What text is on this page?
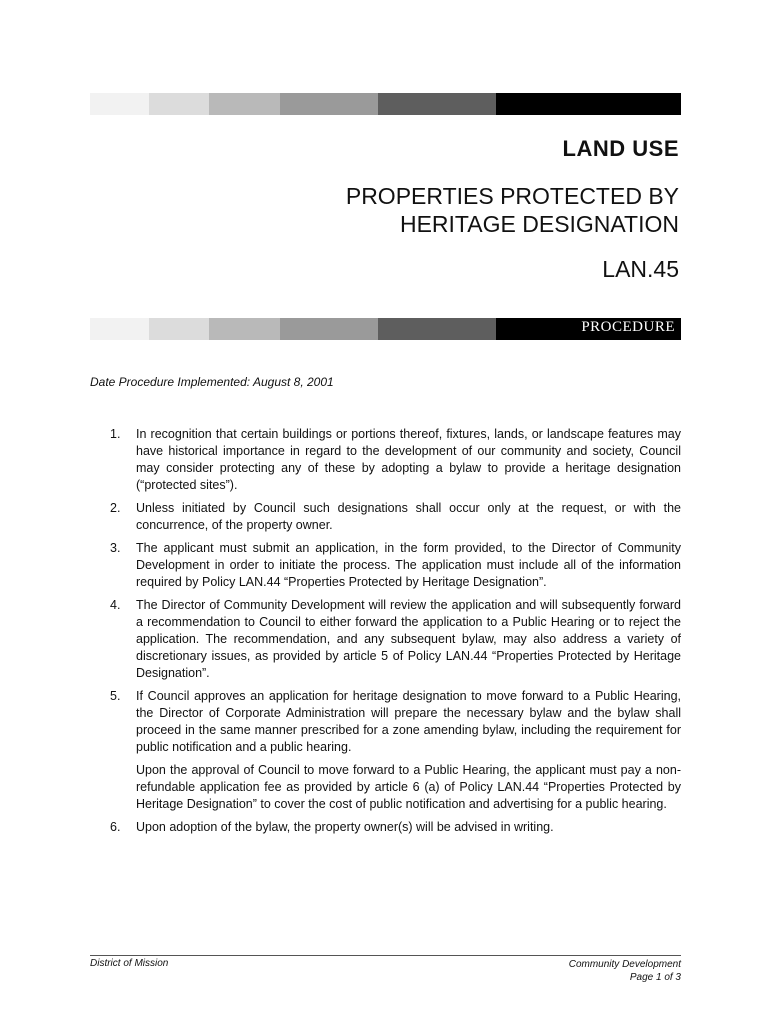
LAND USE
PROPERTIES PROTECTED BY
HERITAGE DESIGNATION
LAN.45
PROCEDURE
Date Procedure Implemented: August 8, 2001
1.	In recognition that certain buildings or portions thereof, fixtures, lands, or landscape features may have historical importance in regard to the development of our community and society, Council may consider protecting any of these by adopting a bylaw to provide a heritage designation (“protected sites”).

2.	Unless initiated by Council such designations shall occur only at the request, or with the concurrence, of the property owner.

3.	The applicant must submit an application, in the form provided, to the Director of Community Development in order to initiate the process. The application must include all of the information required by Policy LAN.44 “Properties Protected by Heritage Designation”.

4.	The Director of Community Development will review the application and will subsequently forward a recommendation to Council to either forward the application to a Public Hearing or to reject the application. The recommendation, and any subsequent bylaw, may also address a variety of discretionary issues, as provided by article 5 of Policy LAN.44 “Properties Protected by Heritage Designation”.

5.	If Council approves an application for heritage designation to move forward to a Public Hearing, the Director of Corporate Administration will prepare the necessary bylaw and the bylaw shall proceed in the same manner prescribed for a zone amending bylaw, including the requirement for public notification and a public hearing.

Upon the approval of Council to move forward to a Public Hearing, the applicant must pay a non-refundable application fee as provided by article 6 (a) of Policy LAN.44 “Properties Protected by Heritage Designation” to cover the cost of public notification and advertising for a public hearing.

6.	Upon adoption of the bylaw, the property owner(s) will be advised in writing.

District of Mission	Community Development
Page 1 of 3
